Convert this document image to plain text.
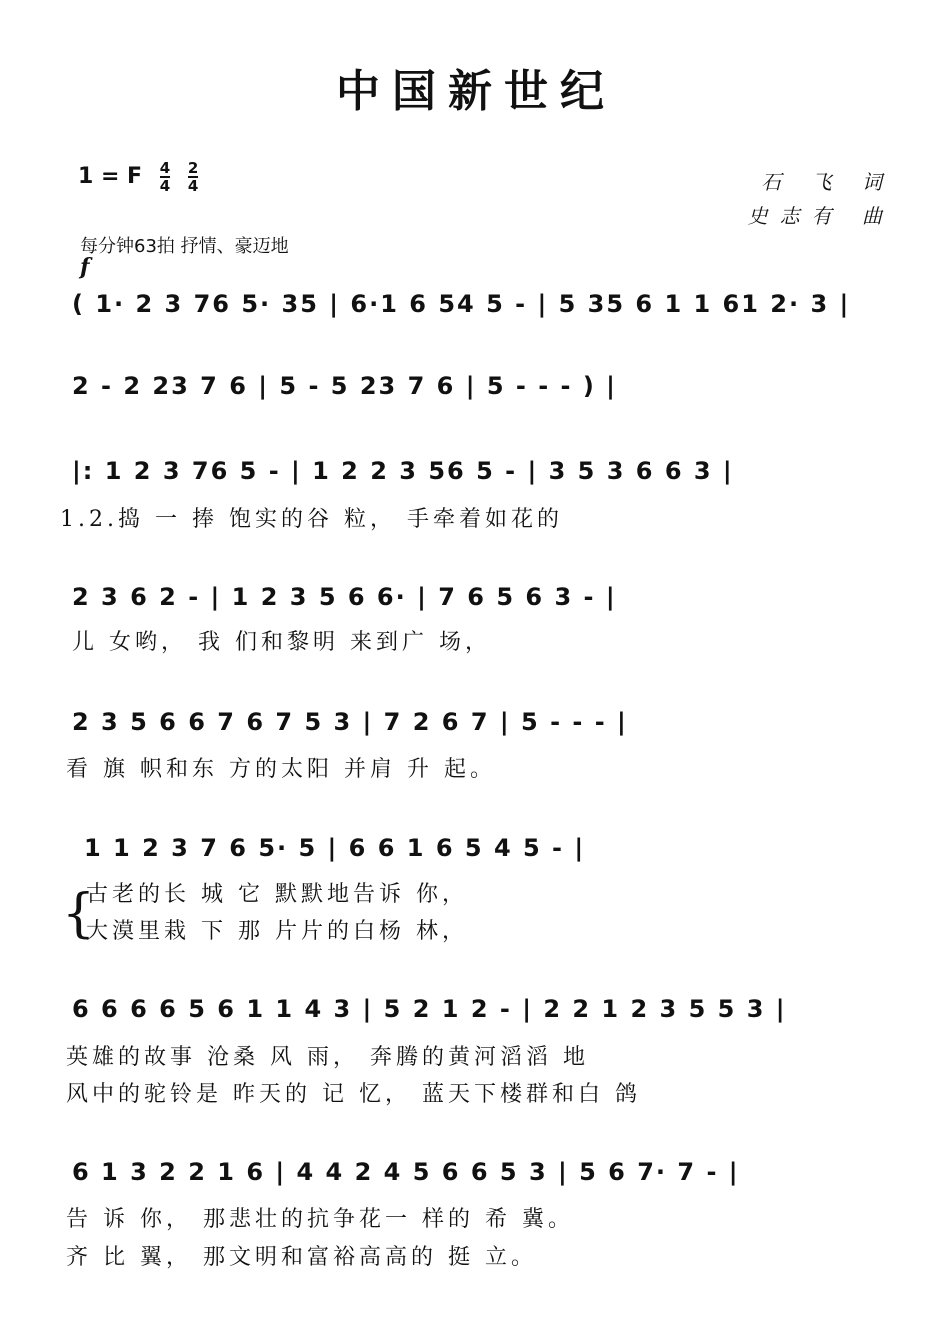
中国新世纪
1 = F $\frac{4}{4}$
$\frac{2}{4}$	石 飞 词
史志有 曲
每分钟63拍 抒情、豪迈地
f
( 1· 2 3 76 5· 35 | 6·1 6 54 5 - | 5 35 6 1 1 61 2· 3 |
2 - 2 23 7 6 | 5 - 5 23 7 6 | 5 - - - ) |
|: 1 2 3 76 5 - | 1 2 2 3 56 5 - | 3 5 3 6 6 3 |
1.2.捣 一 捧 饱实的谷 粒， 手牵着如花的
2 3 6 2 - | 1 2 3 5 6 6· | 7 6 5 6 3 - |
儿 女哟， 我 们和黎明 来到广 场，
2 3 5 6 6 7 6 7 5 3 | 7 2 6 7 | 5 - - - |
看 旗 帜和东 方的太阳 并肩 升 起。
1 1 2 3 7 6 5· 5 | 6 6 1 6 5 4 5 - |
{
古老的长 城 它 默默地告诉 你，
大漠里栽 下 那 片片的白杨 林，
6 6 6 6 5 6 1 1 4 3 | 5 2 1 2 - | 2 2 1 2 3 5 5 3 |
英雄的故事 沧桑 风 雨， 奔腾的黄河滔滔 地
风中的驼铃是 昨天的 记 忆， 蓝天下楼群和白 鸽
6 1 3 2 2 1 6 | 4 4 2 4 5 6 6 5 3 | 5 6 7· 7 - |
告 诉 你， 那悲壮的抗争花一 样的 希 冀。
齐 比 翼， 那文明和富裕高高的 挺 立。
